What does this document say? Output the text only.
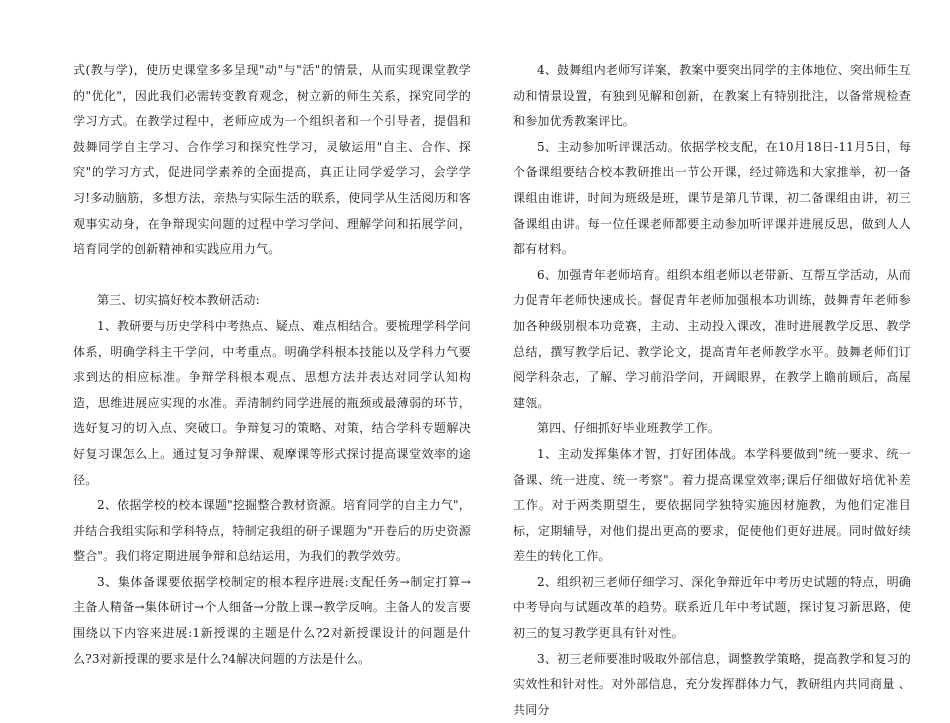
式(教与学)，使历史课堂多多呈现"动"与"活"的情景，从而实现课堂教学的"优化"，因此我们必需转变教育观念，树立新的师生关系，探究同学的学习方式。在教学过程中，老师应成为一个组织者和一个引导者，提倡和鼓舞同学自主学习、合作学习和探究性学习，灵敏运用"自主、合作、探究"的学习方式，促进同学素养的全面提高，真正让同学爱学习，会学学习!多动脑筋，多想方法，亲热与实际生活的联系，使同学从生活阅历和客观事实动身，在争辩现实问题的过程中学习学问、理解学问和拓展学问，培育同学的创新精神和实践应用力气。

第三、切实搞好校本教研活动:

1、教研要与历史学科中考热点、疑点、难点相结合。要梳理学科学问体系，明确学科主干学问，中考重点。明确学科根本技能以及学科力气要求到达的相应标准。争辩学科根本观点、思想方法并表达对同学认知构造，思维进展应实现的水准。弄清制约同学进展的瓶颈或最薄弱的环节，选好复习的切入点、突破口。争辩复习的策略、对策，结合学科专题解决好复习课怎么上。通过复习争辩课、观摩课等形式探讨提高课堂效率的途径。

2、依据学校的校本课题"挖掘整合教材资源。培育同学的自主力气"，并结合我组实际和学科特点，特制定我组的研子课题为"开卷后的历史资源整合"。我们将定期进展争辩和总结运用，为我们的教学效劳。

3、集体备课要依据学校制定的根本程序进展:支配任务→制定打算→主备人精备→集体研讨→个人细备→分散上课→教学反响。主备人的发言要围绕以下内容来进展:1新授课的主题是什么?2对新授课设计的问题是什么?3对新授课的要求是什么?4解决问题的方法是什么。

4、鼓舞组内老师写详案，教案中要突出同学的主体地位、突出师生互动和情景设置，有独到见解和创新，在教案上有特别批注，以备常规检查和参加优秀教案评比。

5、主动参加听评课活动。依据学校支配，在10月18日-11月5日，每个备课组要结合校本教研推出一节公开课，经过筛选和大家推举，初一备课组由谁讲，时间为班级是班，课节是第几节课，初二备课组由讲，初三备课组由讲。每一位任课老师都要主动参加听评课并进展反思，做到人人都有材料。

6、加强青年老师培育。组织本组老师以老带新、互帮互学活动，从而力促青年老师快速成长。督促青年老师加强根本功训练，鼓舞青年老师参加各种级别根本功竞赛，主动、主动投入课改，准时进展教学反思、教学总结，撰写教学后记、教学论文，提高青年老师教学水平。鼓舞老师们订阅学科杂志，了解、学习前沿学问，开阔眼界，在教学上瞻前顾后，高屋建瓴。

第四、仔细抓好毕业班教学工作。

1、主动发挥集体才智，打好团体战。本学科要做到"统一要求、统一备课、统一进度、统一考察"。着力提高课堂效率;课后仔细做好培优补差工作。对于两类期望生，要依据同学独特实施因材施教，为他们定准目标，定期辅导，对他们提出更高的要求，促使他们更好进展。同时做好续差生的转化工作。

2、组织初三老师仔细学习、深化争辩近年中考历史试题的特点，明确中考导向与试题改革的趋势。联系近几年中考试题，探讨复习新思路，使初三的复习教学更具有针对性。

3、初三老师要准时吸取外部信息，调整教学策略，提高教学和复习的实效性和针对性。对外部信息，充分发挥群体力气，教研组内共同商量 、共同分
